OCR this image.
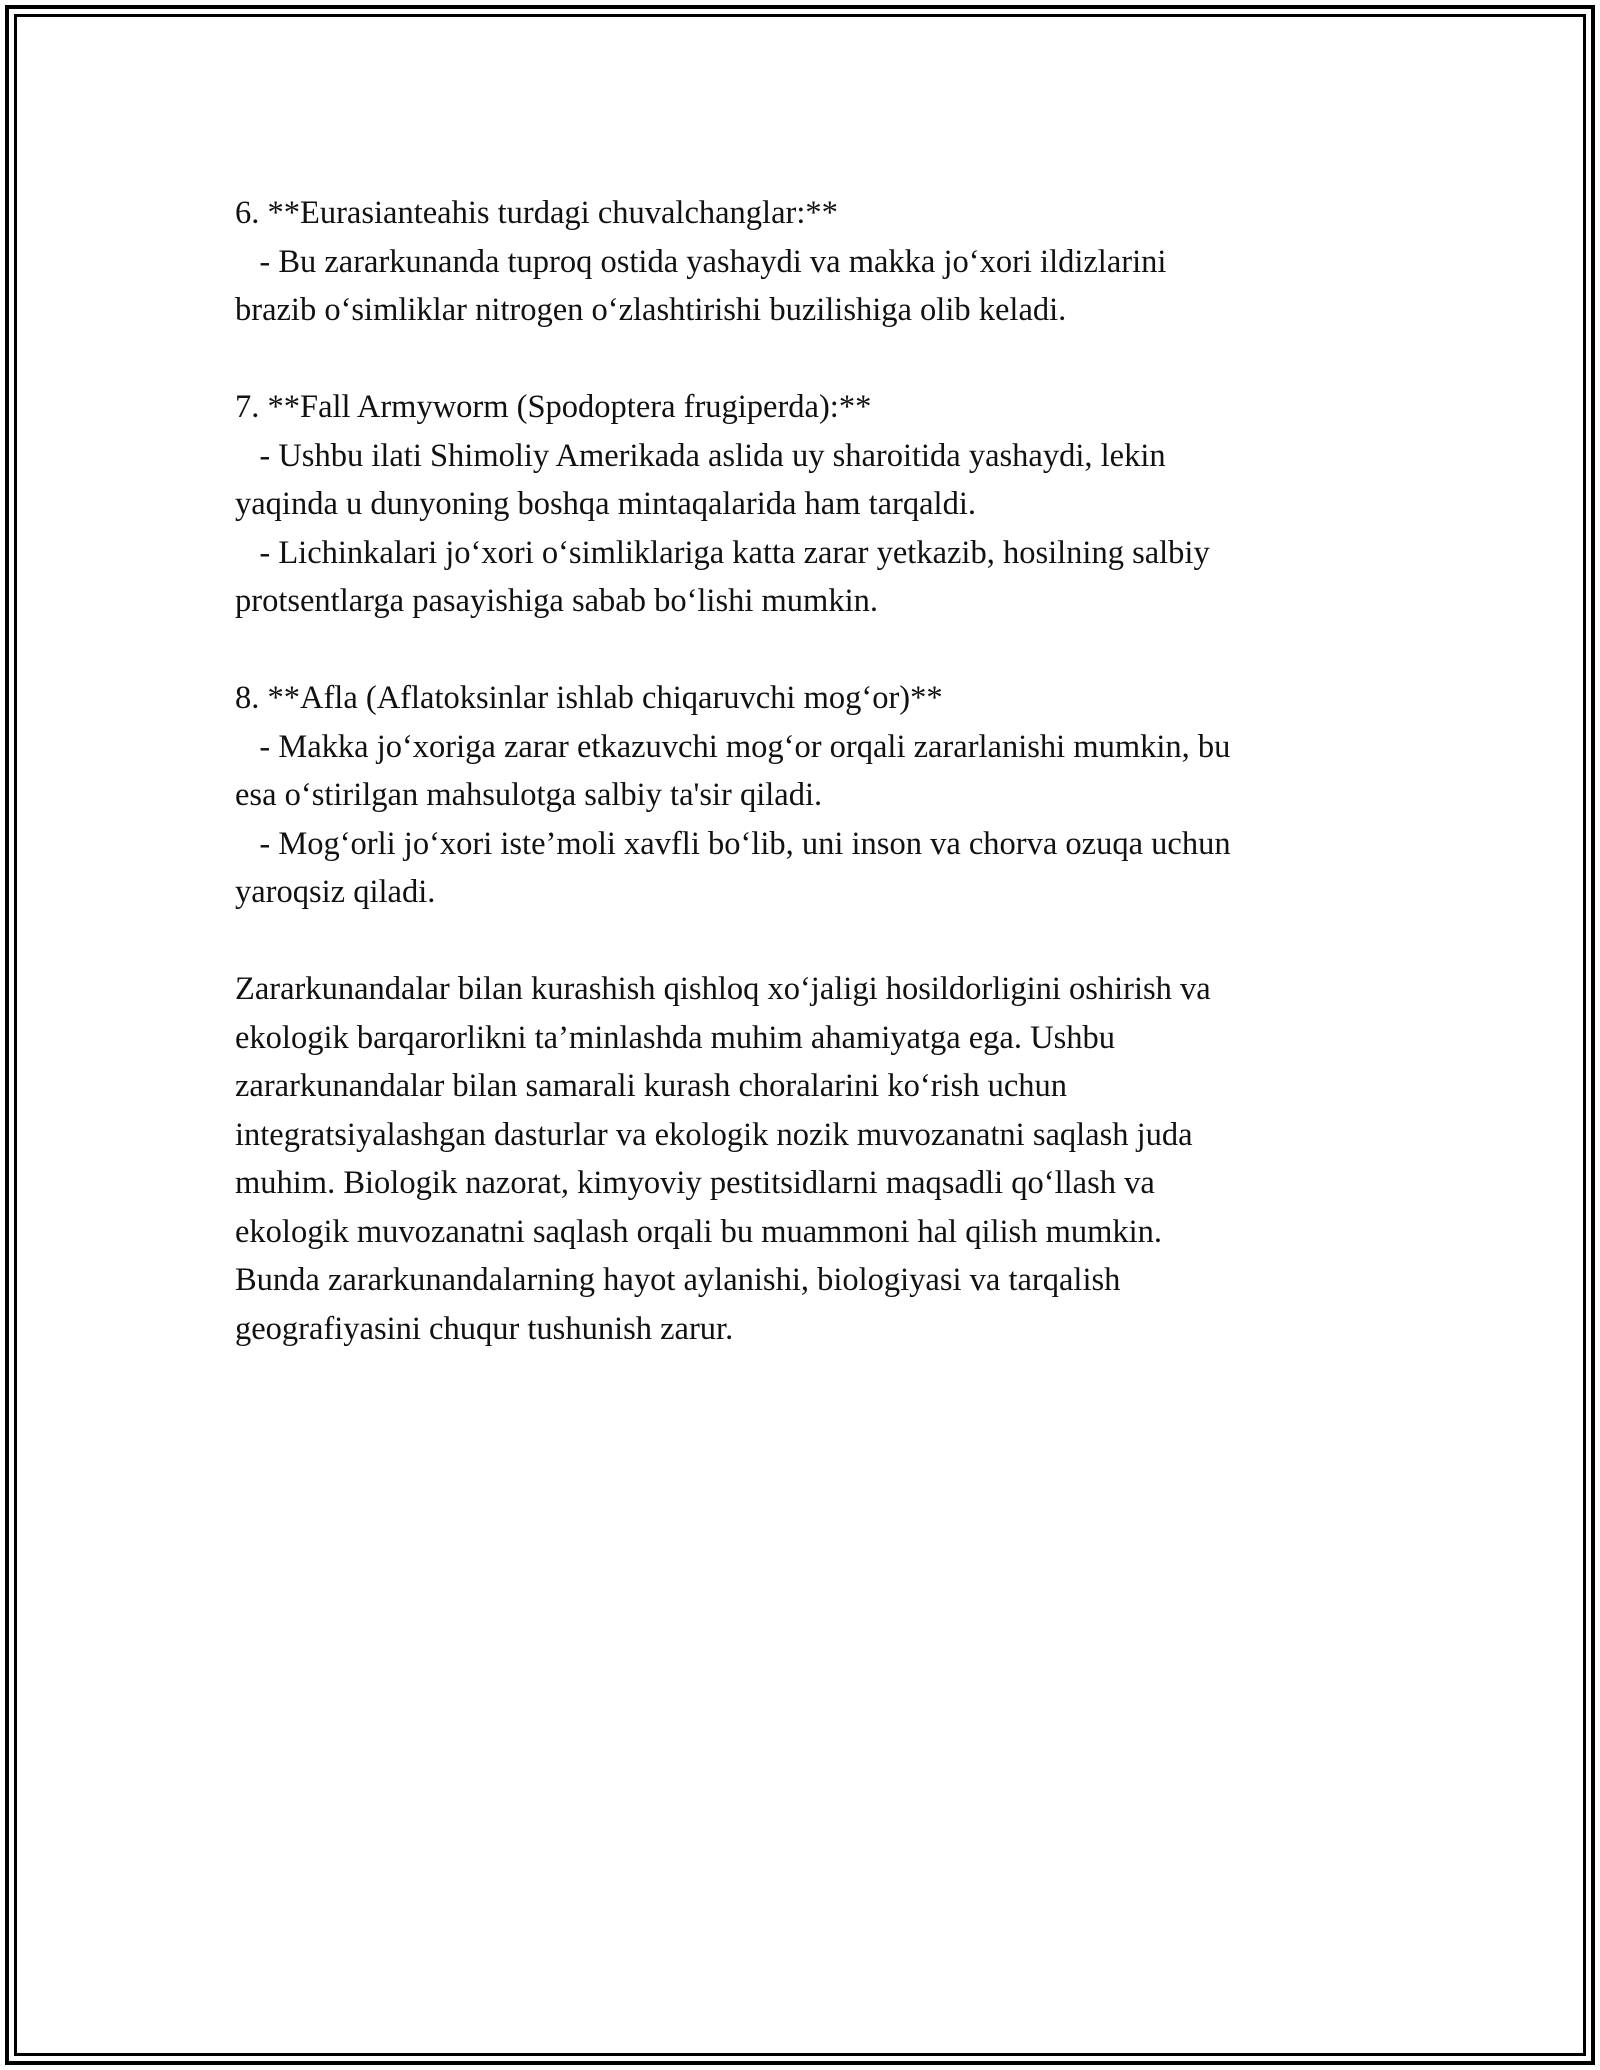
6. **Eurasianteahis turdagi chuvalchanglar:**
- Bu zararkunanda tuproq ostida yashaydi va makka jo‘xori ildizlarini
brazib o‘simliklar nitrogen o‘zlashtirishi buzilishiga olib keladi.
7. **Fall Armyworm (Spodoptera frugiperda):**
- Ushbu ilati Shimoliy Amerikada aslida uy sharoitida yashaydi, lekin
yaqinda u dunyoning boshqa mintaqalarida ham tarqaldi.
- Lichinkalari jo‘xori o‘simliklariga katta zarar yetkazib, hosilning salbiy
protsentlarga pasayishiga sabab bo‘lishi mumkin.
8. **Afla (Aflatoksinlar ishlab chiqaruvchi mog‘or)**
- Makka jo‘xoriga zarar etkazuvchi mog‘or orqali zararlanishi mumkin, bu
esa o‘stirilgan mahsulotga salbiy ta'sir qiladi.
- Mog‘orli jo‘xori iste’moli xavfli bo‘lib, uni inson va chorva ozuqa uchun
yaroqsiz qiladi.
Zararkunandalar bilan kurashish qishloq xo‘jaligi hosildorligini oshirish va
ekologik barqarorlikni ta’minlashda muhim ahamiyatga ega. Ushbu
zararkunandalar bilan samarali kurash choralarini ko‘rish uchun
integratsiyalashgan dasturlar va ekologik nozik muvozanatni saqlash juda
muhim. Biologik nazorat, kimyoviy pestitsidlarni maqsadli qo‘llash va
ekologik muvozanatni saqlash orqali bu muammoni hal qilish mumkin.
Bunda zararkunandalarning hayot aylanishi, biologiyasi va tarqalish
geografiyasini chuqur tushunish zarur.
